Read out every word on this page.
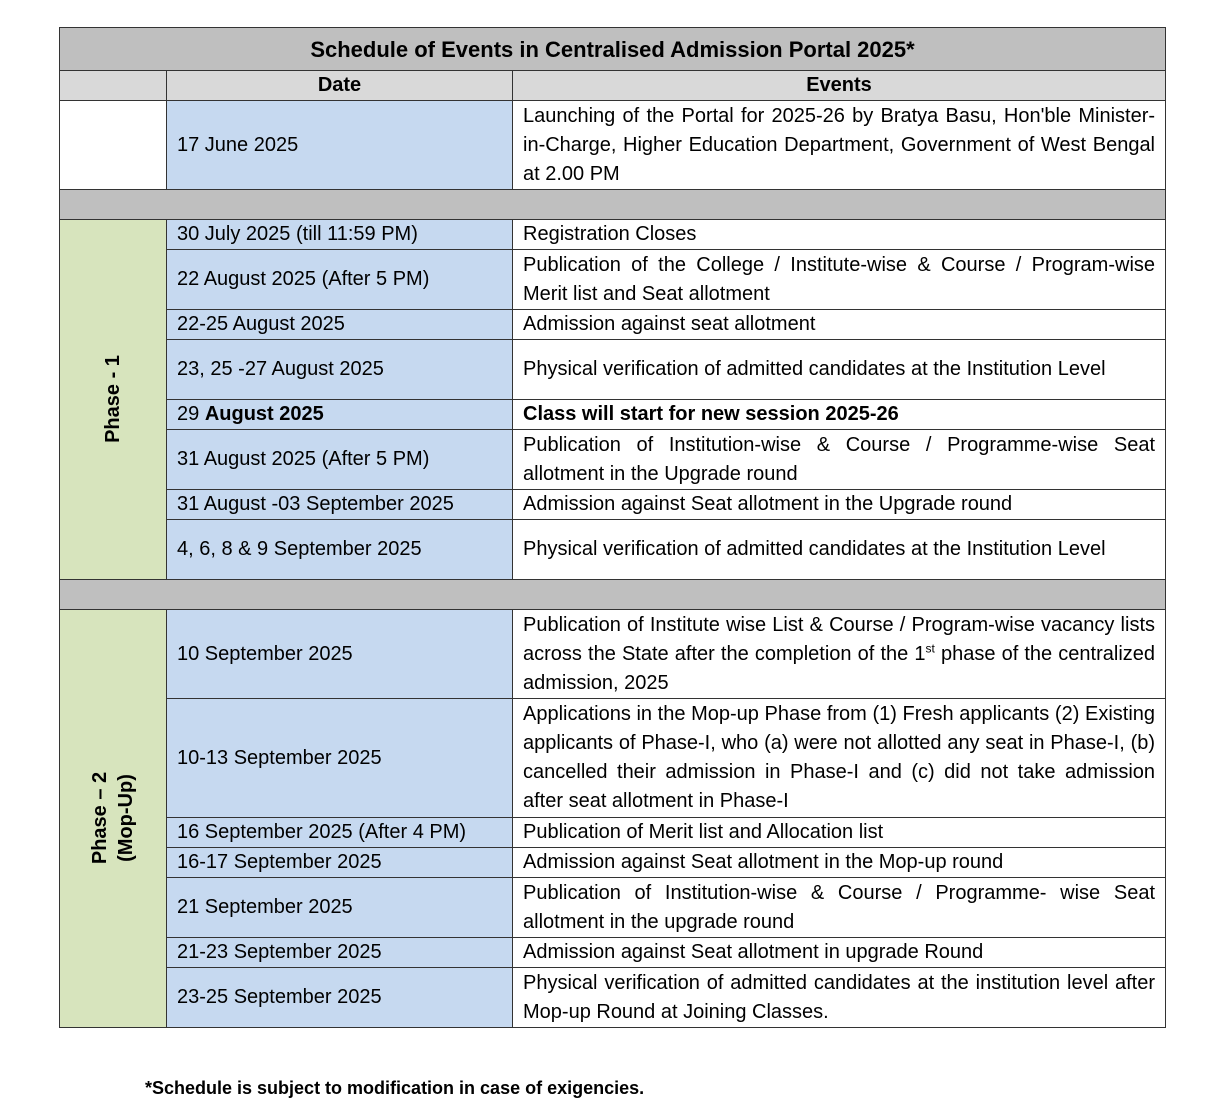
Schedule of Events in Centralised Admission Portal 2025*		
	Date	Events
	17 June 2025	Launching of the Portal for 2025-26 by Bratya Basu, Hon'ble Minister-in-Charge, Higher Education Department, Government of West Bengal at 2.00 PM

Phase - 1	30 July 2025 (till 11:59 PM)	Registration Closes
	22 August 2025 (After 5 PM)	Publication of the College / Institute-wise & Course / Program-wise Merit list and Seat allotment
	22-25 August 2025	Admission against seat allotment
	23, 25 -27 August 2025	Physical verification of admitted candidates at the Institution Level
	29 August 2025	Class will start for new session 2025-26
	31 August 2025 (After 5 PM)	Publication of Institution-wise & Course / Programme-wise Seat allotment in the Upgrade round
	31 August -03 September 2025	Admission against Seat allotment in the Upgrade round
	4, 6, 8 & 9 September 2025	Physical verification of admitted candidates at the Institution Level

Phase – 2 (Mop-Up)	10 September 2025	Publication of Institute wise List & Course / Program-wise vacancy lists across the State after the completion of the 1st phase of the centralized admission, 2025
	10-13 September 2025	Applications in the Mop-up Phase from (1) Fresh applicants (2) Existing applicants of Phase-I, who (a) were not allotted any seat in Phase-I, (b) cancelled their admission in Phase-I and (c) did not take admission after seat allotment in Phase-I
	16 September 2025 (After 4 PM)	Publication of Merit list and Allocation list
	16-17 September 2025	Admission against Seat allotment in the Mop-up round
	21 September 2025	Publication of Institution-wise & Course / Programme- wise Seat allotment in the upgrade round
	21-23 September 2025	Admission against Seat allotment in upgrade Round
	23-25 September 2025	Physical verification of admitted candidates at the institution level after Mop-up Round at Joining Classes.
*Schedule is subject to modification in case of exigencies.
